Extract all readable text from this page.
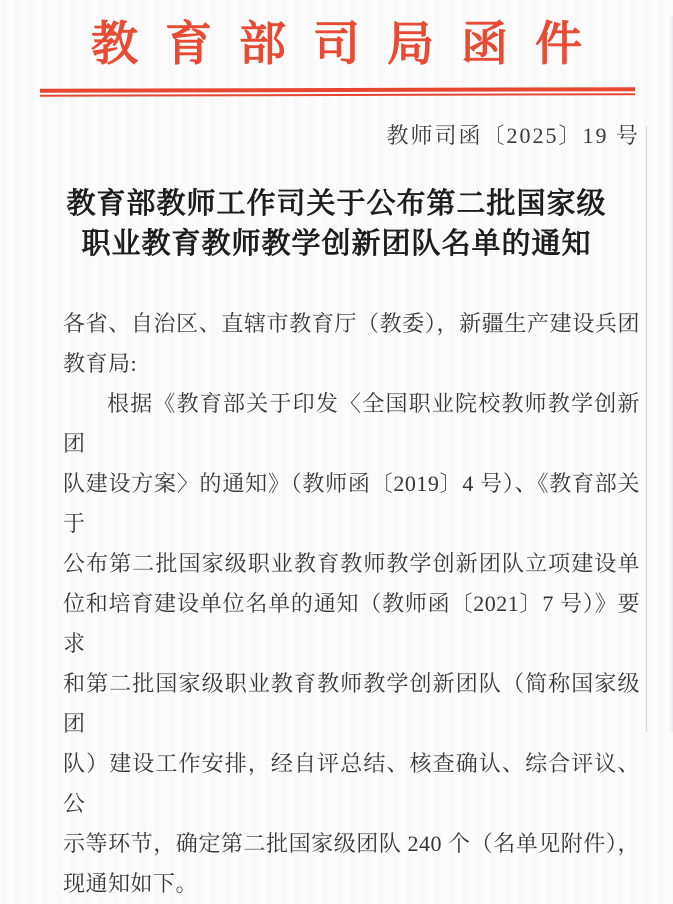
教育部司局函件
教师司函〔2025〕19 号
教育部教师工作司关于公布第二批国家级
职业教育教师教学创新团队名单的通知
各省、自治区、直辖市教育厅（教委），新疆生产建设兵团
教育局:
根据《教育部关于印发〈全国职业院校教师教学创新团
队建设方案〉的通知》（教师函〔2019〕4 号）、《教育部关于
公布第二批国家级职业教育教师教学创新团队立项建设单
位和培育建设单位名单的通知（教师函〔2021〕7 号）》要求
和第二批国家级职业教育教师教学创新团队（简称国家级团
队）建设工作安排，经自评总结、核查确认、综合评议、公
示等环节，确定第二批国家级团队 240 个（名单见附件），
现通知如下。
